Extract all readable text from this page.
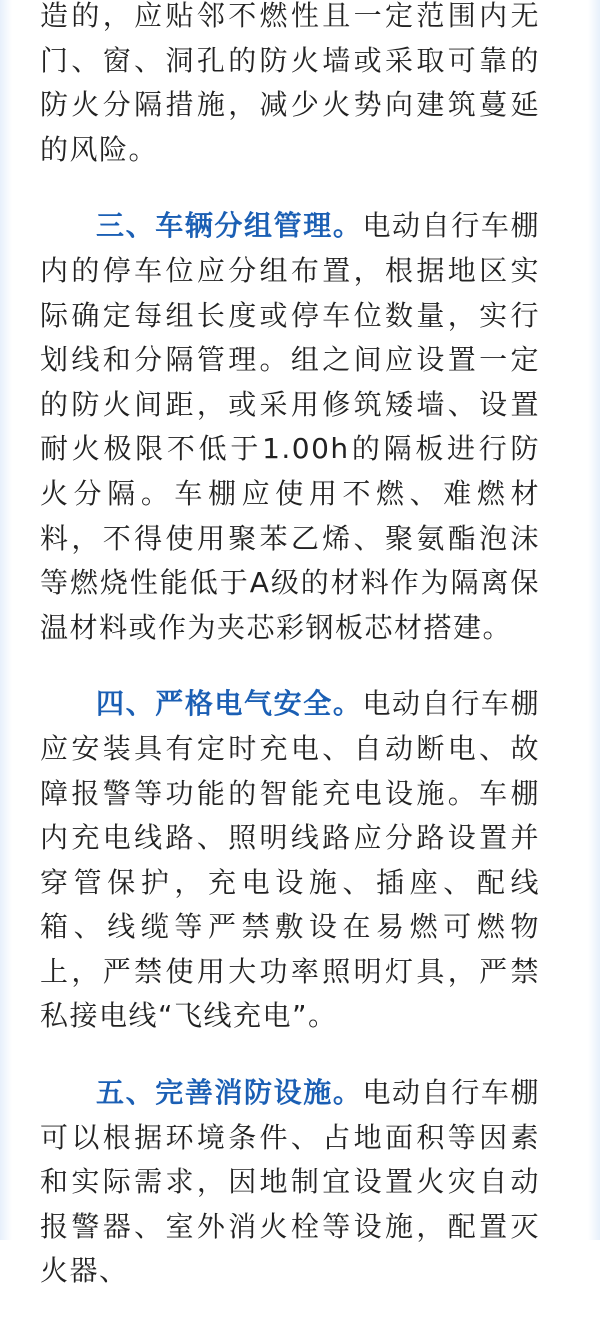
造的，应贴邻不燃性且一定范围内无门、窗、洞孔的防火墙或采取可靠的防火分隔措施，减少火势向建筑蔓延的风险。

三、车辆分组管理。电动自行车棚内的停车位应分组布置，根据地区实际确定每组长度或停车位数量，实行划线和分隔管理。组之间应设置一定的防火间距，或采用修筑矮墙、设置耐火极限不低于1.00h的隔板进行防火分隔。车棚应使用不燃、难燃材料，不得使用聚苯乙烯、聚氨酯泡沫等燃烧性能低于A级的材料作为隔离保温材料或作为夹芯彩钢板芯材搭建。

四、严格电气安全。电动自行车棚应安装具有定时充电、自动断电、故障报警等功能的智能充电设施。车棚内充电线路、照明线路应分路设置并穿管保护，充电设施、插座、配线箱、线缆等严禁敷设在易燃可燃物上，严禁使用大功率照明灯具，严禁私接电线“飞线充电”。

五、完善消防设施。电动自行车棚可以根据环境条件、占地面积等因素和实际需求，因地制宜设置火灾自动报警器、室外消火栓等设施，配置灭火器、
